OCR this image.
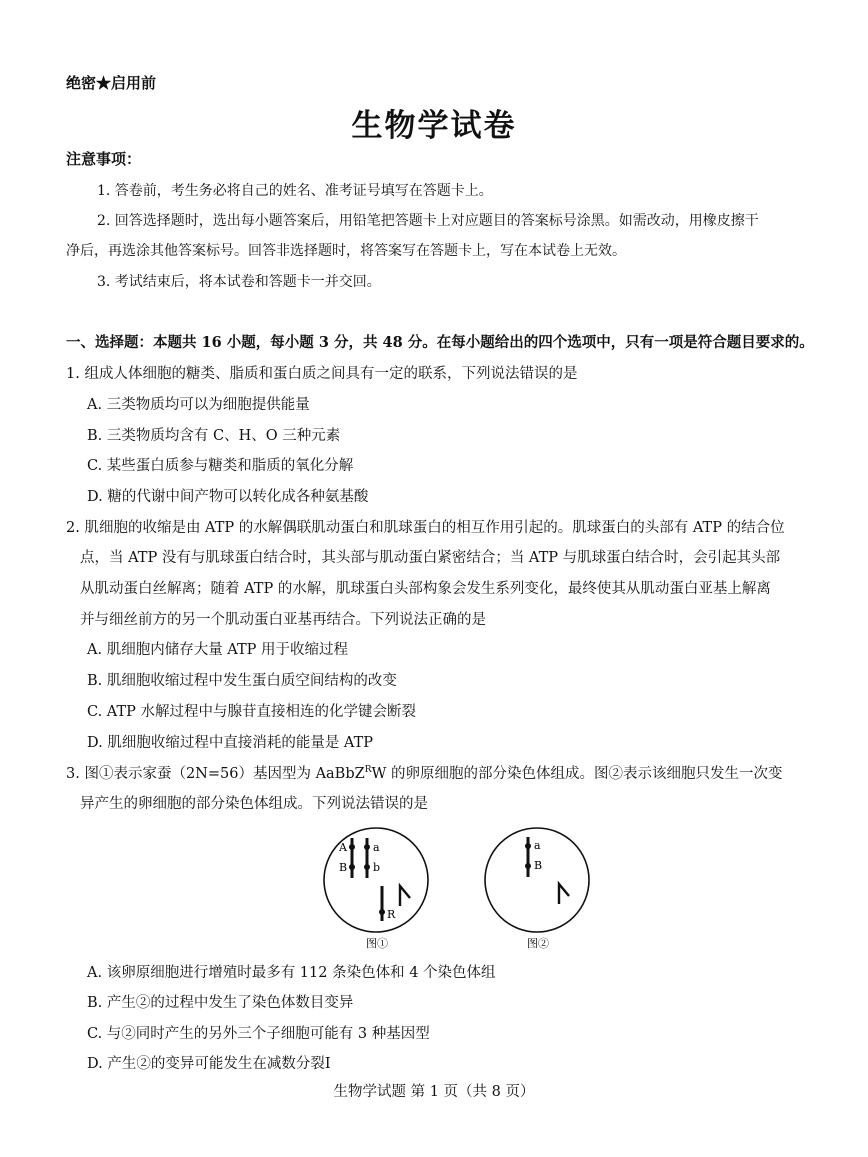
绝密★启用前
生物学试卷
注意事项：
1. 答卷前，考生务必将自己的姓名、准考证号填写在答题卡上。
2. 回答选择题时，选出每小题答案后，用铅笔把答题卡上对应题目的答案标号涂黑。如需改动，用橡皮擦干
净后，再选涂其他答案标号。回答非选择题时，将答案写在答题卡上，写在本试卷上无效。
3. 考试结束后，将本试卷和答题卡一并交回。
一、选择题：本题共 16 小题，每小题 3 分，共 48 分。在每小题给出的四个选项中，只有一项是符合题目要求的。
1. 组成人体细胞的糖类、脂质和蛋白质之间具有一定的联系，下列说法错误的是
A. 三类物质均可以为细胞提供能量
B. 三类物质均含有 C、H、O 三种元素
C. 某些蛋白质参与糖类和脂质的氧化分解
D. 糖的代谢中间产物可以转化成各种氨基酸
2. 肌细胞的收缩是由 ATP 的水解偶联肌动蛋白和肌球蛋白的相互作用引起的。肌球蛋白的头部有 ATP 的结合位
点，当 ATP 没有与肌球蛋白结合时，其头部与肌动蛋白紧密结合；当 ATP 与肌球蛋白结合时，会引起其头部
从肌动蛋白丝解离；随着 ATP 的水解，肌球蛋白头部构象会发生系列变化，最终使其从肌动蛋白亚基上解离
并与细丝前方的另一个肌动蛋白亚基再结合。下列说法正确的是
A. 肌细胞内储存大量 ATP 用于收缩过程
B. 肌细胞收缩过程中发生蛋白质空间结构的改变
C. ATP 水解过程中与腺苷直接相连的化学键会断裂
D. 肌细胞收缩过程中直接消耗的能量是 ATP
3. 图①表示家蚕（2N=56）基因型为 AaBbZ$^R$W 的卵原细胞的部分染色体组成。图②表示该细胞只发生一次变
异产生的卵细胞的部分染色体组成。下列说法错误的是
A a
B b
R
图①
a
B
图②
A. 该卵原细胞进行增殖时最多有 112 条染色体和 4 个染色体组
B. 产生②的过程中发生了染色体数目变异
C. 与②同时产生的另外三个子细胞可能有 3 种基因型
D. 产生②的变异可能发生在减数分裂Ⅰ
生物学试题 第 1 页（共 8 页）
